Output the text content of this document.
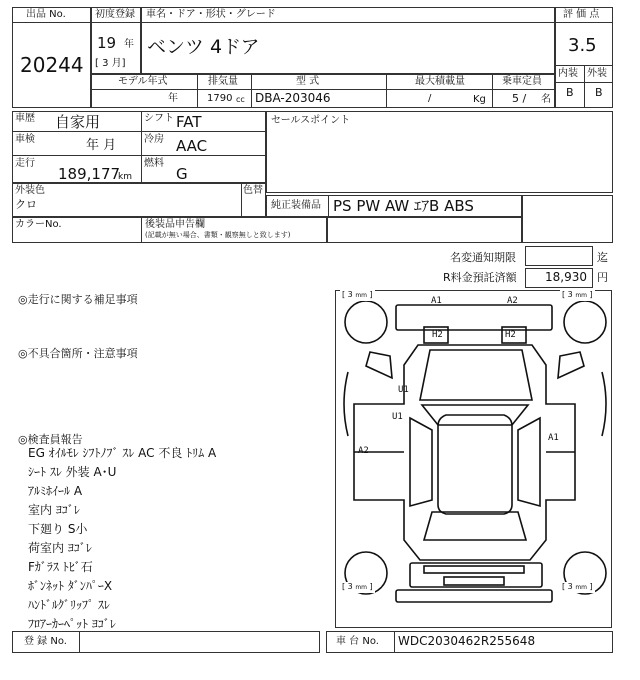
出品 No.
20244
初度登録
19 年
[ 3 月]
車名・ドア・形状・グレード
ベンツ 4ドア
評 価 点
3.5
内装 外装
B B
モデル年式
年
排気量
1790 cc
型 式
DBA-203046
最大積載量
/	Kg
乗車定員
5 / 名
車歴 自家用	シフト FAT
車検	年 月	冷房 AAC
走行
189,177
km
燃料
G
セールスポイント
外装色
クロ
色替
純正装備品 PS PW AW ｴｱB ABS
カラーNo.	後装品申告欄
(記載が無い場合、書類・観察無しと致します)
名変通知期限	迄
R料金預託済額 18,930 円
◎走行に関する補足事項
◎不具合箇所・注意事項
◎検査員報告
EG ｵｲﾙﾓﾚ ｼﾌﾄﾉﾌﾞ ｽﾚ AC 不良 ﾄﾘﾑ A
ｼｰﾄ ｽﾚ 外装 A･U
ｱﾙﾐﾎｲｰﾙ A
室内 ﾖｺﾞﾚ
下廻り S小
荷室内 ﾖｺﾞﾚ
Fｶﾞﾗｽ ﾄﾋﾞ石
ﾎﾞﾝﾈｯﾄ ﾀﾞﾝﾊﾟｰX
ﾊﾝﾄﾞﾙｸﾞﾘｯﾌﾟ ｽﾚ
ﾌﾛｱｰｶｰﾍﾟｯﾄ ﾖｺﾞﾚ
[ 3 mm ]	[ 3 mm ]
[ 3 mm ]	[ 3 mm ]
A1	A2
H2	H2
U1
U1
A2
A1
登 録 No.	車 台 No. WDC2030462R255648
